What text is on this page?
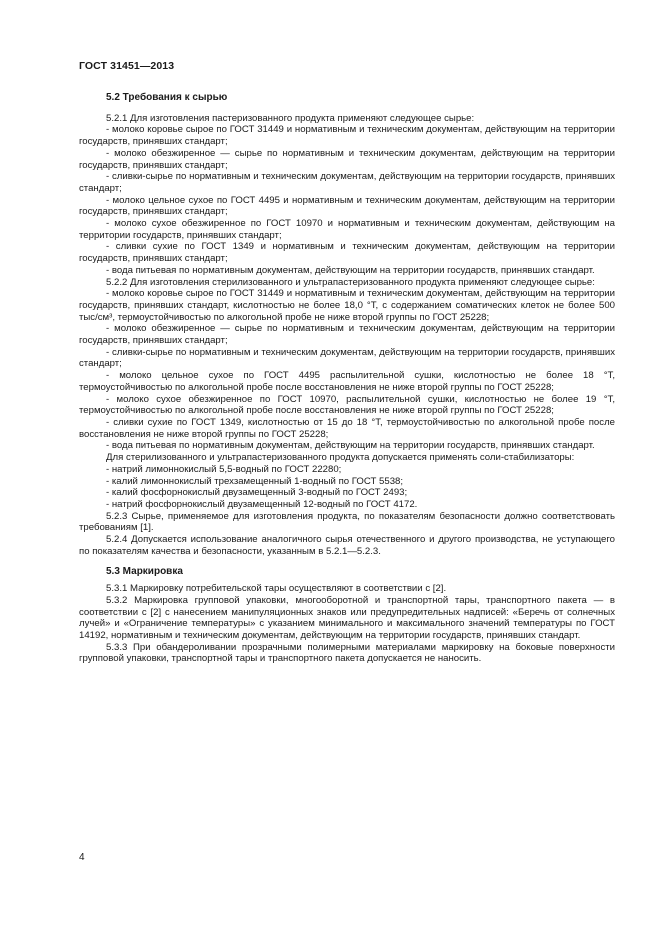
ГОСТ 31451—2013
5.2 Требования к сырью
5.2.1 Для изготовления пастеризованного продукта применяют следующее сырье:
- молоко коровье сырое по ГОСТ 31449 и нормативным и техническим документам, действующим на территории государств, принявших стандарт;
- молоко обезжиренное — сырье по нормативным и техническим документам, действующим на территории государств, принявших стандарт;
- сливки-сырье по нормативным и техническим документам, действующим на территории государств, принявших стандарт;
- молоко цельное сухое по ГОСТ 4495 и нормативным и техническим документам, действующим на территории государств, принявших стандарт;
- молоко сухое обезжиренное по ГОСТ 10970 и нормативным и техническим документам, действующим на территории государств, принявших стандарт;
- сливки сухие по ГОСТ 1349 и нормативным и техническим документам, действующим на территории государств, принявших стандарт;
- вода питьевая по нормативным документам, действующим на территории государств, принявших стандарт.
5.2.2 Для изготовления стерилизованного и ультрапастеризованного продукта применяют следующее сырье:
- молоко коровье сырое по ГОСТ 31449 и нормативным и техническим документам, действующим на территории государств, принявших стандарт, кислотностью не более 18,0 °Т, с содержанием соматических клеток не более 500 тыс/см³, термоустойчивостью по алкогольной пробе не ниже второй группы по ГОСТ 25228;
- молоко обезжиренное — сырье по нормативным и техническим документам, действующим на территории государств, принявших стандарт;
- сливки-сырье по нормативным и техническим документам, действующим на территории государств, принявших стандарт;
- молоко цельное сухое по ГОСТ 4495 распылительной сушки, кислотностью не более 18 °Т, термоустойчивостью по алкогольной пробе после восстановления не ниже второй группы по ГОСТ 25228;
- молоко сухое обезжиренное по ГОСТ 10970, распылительной сушки, кислотностью не более 19 °Т, термоустойчивостью по алкогольной пробе после восстановления не ниже второй группы по ГОСТ 25228;
- сливки сухие по ГОСТ 1349, кислотностью от 15 до 18 °Т, термоустойчивостью по алкогольной пробе после восстановления не ниже второй группы по ГОСТ 25228;
- вода питьевая по нормативным документам, действующим на территории государств, принявших стандарт.
Для стерилизованного и ультрапастеризованного продукта допускается применять соли-стабилизаторы:
- натрий лимоннокислый 5,5-водный по ГОСТ 22280;
- калий лимоннокислый трехзамещенный 1-водный по ГОСТ 5538;
- калий фосфорнокислый двузамещенный 3-водный по ГОСТ 2493;
- натрий фосфорнокислый двузамещенный 12-водный по ГОСТ 4172.
5.2.3 Сырье, применяемое для изготовления продукта, по показателям безопасности должно соответствовать требованиям [1].
5.2.4 Допускается использование аналогичного сырья отечественного и другого производства, не уступающего по показателям качества и безопасности, указанным в 5.2.1—5.2.3.
5.3 Маркировка
5.3.1 Маркировку потребительской тары осуществляют в соответствии с [2].
5.3.2 Маркировка групповой упаковки, многооборотной и транспортной тары, транспортного пакета — в соответствии с [2] с нанесением манипуляционных знаков или предупредительных надписей: «Беречь от солнечных лучей» и «Ограничение температуры» с указанием минимального и максимального значений температуры по ГОСТ 14192, нормативным и техническим документам, действующим на территории государств, принявших стандарт.
5.3.3 При обандероливании прозрачными полимерными материалами маркировку на боковые поверхности групповой упаковки, транспортной тары и транспортного пакета допускается не наносить.
4
